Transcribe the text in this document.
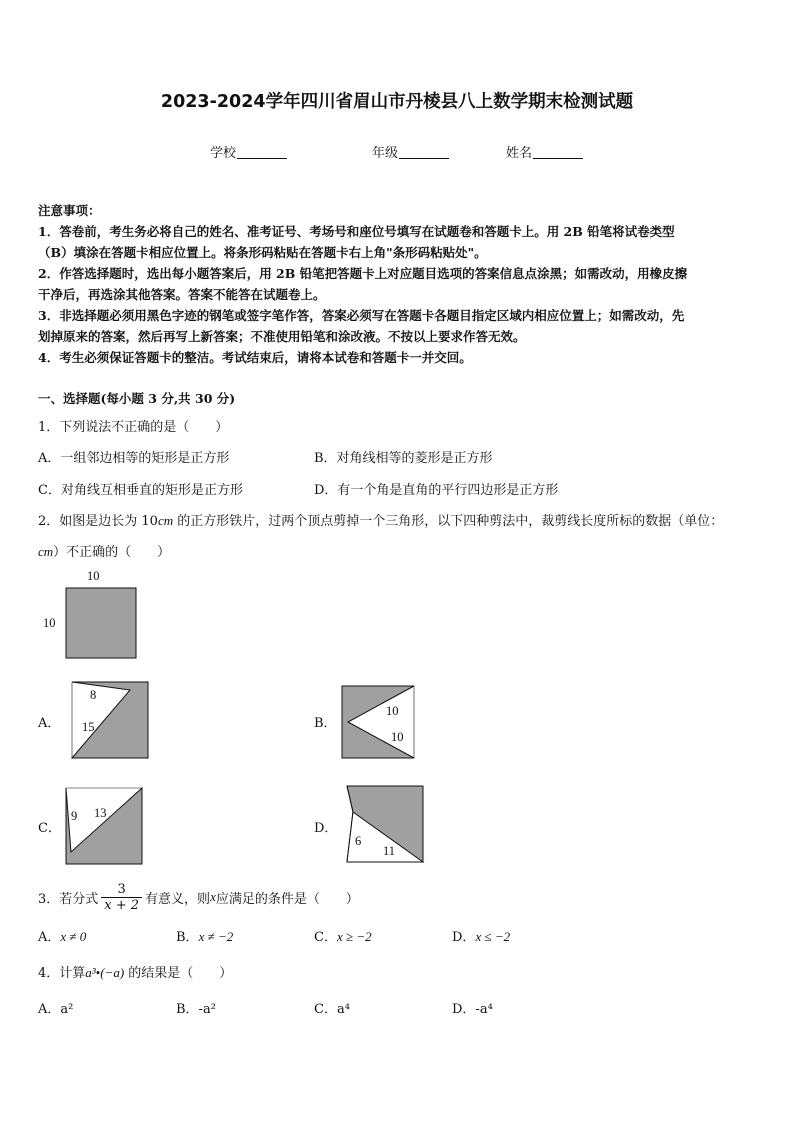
2023-2024学年四川省眉山市丹棱县八上数学期末检测试题
学校	年级	姓名
注意事项：
1．答卷前，考生务必将自己的姓名、准考证号、考场号和座位号填写在试题卷和答题卡上。用 2B 铅笔将试卷类型
（B）填涂在答题卡相应位置上。将条形码粘贴在答题卡右上角"条形码粘贴处"。
2．作答选择题时，选出每小题答案后，用 2B 铅笔把答题卡上对应题目选项的答案信息点涂黑；如需改动，用橡皮擦
干净后，再选涂其他答案。答案不能答在试题卷上。
3．非选择题必须用黑色字迹的钢笔或签字笔作答，答案必须写在答题卡各题目指定区域内相应位置上；如需改动，先
划掉原来的答案，然后再写上新答案；不准使用铅笔和涂改液。不按以上要求作答无效。
4．考生必须保证答题卡的整洁。考试结束后，请将本试卷和答题卡一并交回。
一、选择题(每小题 3 分,共 30 分)
1．下列说法不正确的是（　　）
A．一组邻边相等的矩形是正方形	B．对角线相等的菱形是正方形
C．对角线互相垂直的矩形是正方形	D．有一个角是直角的平行四边形是正方形
2．如图是边长为 10cm 的正方形铁片，过两个顶点剪掉一个三角形，以下四种剪法中，裁剪线长度所标的数据（单位：
cm）不正确的（　　）
10
10
A．
8
15	B．
10
10
C．
9 13
D．
6
11
3．若分式 $\frac{3}{x + 2}$ 有意义，则 x 应满足的条件是（　　）
A．x ≠ 0	B．x ≠ −2	C．x ≥ −2	D．x ≤ −2
4．计算a³•(−a) 的结果是（　　）
A．a²	B．-a²	C．a⁴	D．-a⁴
